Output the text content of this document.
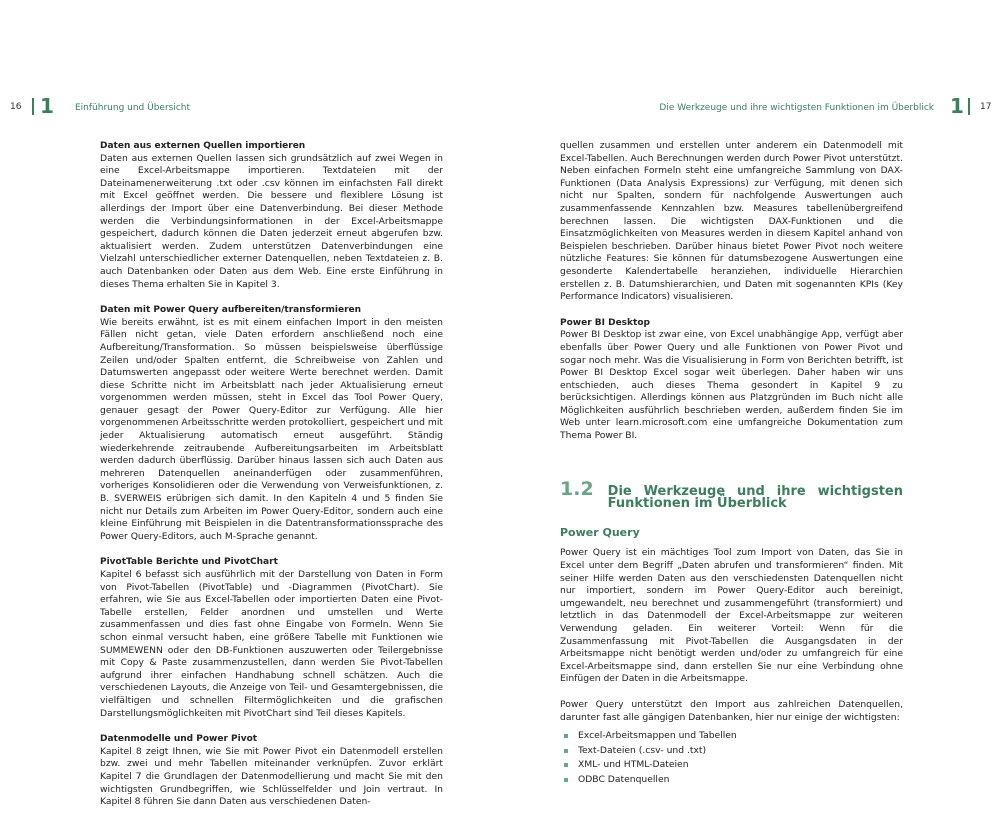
16 1 Einführung und Übersicht	Die Werkzeuge und ihre wichtigsten Funktionen im Überblick 1 17
Daten aus externen Quellen importieren

Daten aus externen Quellen lassen sich grundsätzlich auf zwei Wegen in eine Excel-Arbeitsmappe importieren. Textdateien mit der Dateinamenerweiterung .txt oder .csv können im einfachsten Fall direkt mit Excel geöffnet werden. Die bessere und flexiblere Lösung ist allerdings der Import über eine Datenverbindung. Bei dieser Methode werden die Verbindungsinformationen in der Excel-Arbeitsmappe gespeichert, dadurch können die Daten jederzeit erneut abgerufen bzw. aktualisiert werden. Zudem unterstützen Datenverbindungen eine Vielzahl unterschiedlicher externer Datenquellen, neben Textdateien z. B. auch Datenbanken oder Daten aus dem Web. Eine erste Einführung in dieses Thema erhalten Sie in Kapitel 3.

Daten mit Power Query aufbereiten/transformieren

Wie bereits erwähnt, ist es mit einem einfachen Import in den meisten Fällen nicht getan, viele Daten erfordern anschließend noch eine Aufbereitung/Transformation. So müssen beispielsweise überflüssige Zeilen und/oder Spalten entfernt, die Schreibweise von Zahlen und Datumswerten angepasst oder weitere Werte berechnet werden. Damit diese Schritte nicht im Arbeitsblatt nach jeder Aktualisierung erneut vorgenommen werden müssen, steht in Excel das Tool Power Query, genauer gesagt der Power Query-Editor zur Verfügung. Alle hier vorgenommenen Arbeitsschritte werden protokolliert, gespeichert und mit jeder Aktualisierung automatisch erneut ausgeführt. Ständig wiederkehrende zeitraubende Aufbereitungsarbeiten im Arbeitsblatt werden dadurch überflüssig. Darüber hinaus lassen sich auch Daten aus mehreren Datenquellen aneinanderfügen oder zusammenführen, vorheriges Konsolidieren oder die Verwendung von Verweisfunktionen, z. B. SVERWEIS erübrigen sich damit. In den Kapiteln 4 und 5 finden Sie nicht nur Details zum Arbeiten im Power Query-Editor, sondern auch eine kleine Einführung mit Beispielen in die Datentransformationssprache des Power Query-Editors, auch M-Sprache genannt.

PivotTable Berichte und PivotChart

Kapitel 6 befasst sich ausführlich mit der Darstellung von Daten in Form von Pivot-Tabellen (PivotTable) und -Diagrammen (PivotChart). Sie erfahren, wie Sie aus Excel-Tabellen oder importierten Daten eine Pivot-Tabelle erstellen, Felder anordnen und umstellen und Werte zusammenfassen und dies fast ohne Eingabe von Formeln. Wenn Sie schon einmal versucht haben, eine größere Tabelle mit Funktionen wie SUMMEWENN oder den DB-Funktionen auszuwerten oder Teilergebnisse mit Copy & Paste zusammenzustellen, dann werden Sie Pivot-Tabellen aufgrund ihrer einfachen Handhabung schnell schätzen. Auch die verschiedenen Layouts, die Anzeige von Teil- und Gesamtergebnissen, die vielfältigen und schnellen Filtermöglichkeiten und die grafischen Darstellungsmöglichkeiten mit PivotChart sind Teil dieses Kapitels.

Datenmodelle und Power Pivot

Kapitel 8 zeigt Ihnen, wie Sie mit Power Pivot ein Datenmodell erstellen bzw. zwei und mehr Tabellen miteinander verknüpfen. Zuvor erklärt Kapitel 7 die Grundlagen der Datenmodellierung und macht Sie mit den wichtigsten Grundbegriffen, wie Schlüsselfelder und Join vertraut. In Kapitel 8 führen Sie dann Daten aus verschiedenen Daten-

quellen zusammen und erstellen unter anderem ein Datenmodell mit Excel-Tabellen. Auch Berechnungen werden durch Power Pivot unterstützt. Neben einfachen Formeln steht eine umfangreiche Sammlung von DAX-Funktionen (Data Analysis Expressions) zur Verfügung, mit denen sich nicht nur Spalten, sondern für nachfolgende Auswertungen auch zusammenfassende Kennzahlen bzw. Measures tabellenübergreifend berechnen lassen. Die wichtigsten DAX-Funktionen und die Einsatzmöglichkeiten von Measures werden in diesem Kapitel anhand von Beispielen beschrieben. Darüber hinaus bietet Power Pivot noch weitere nützliche Features: Sie können für datumsbezogene Auswertungen eine gesonderte Kalendertabelle heranziehen, individuelle Hierarchien erstellen z. B. Datumshierarchien, und Daten mit sogenannten KPIs (Key Performance Indicators) visualisieren.

Power BI Desktop

Power BI Desktop ist zwar eine, von Excel unabhängige App, verfügt aber ebenfalls über Power Query und alle Funktionen von Power Pivot und sogar noch mehr. Was die Visualisierung in Form von Berichten betrifft, ist Power BI Desktop Excel sogar weit überlegen. Daher haben wir uns entschieden, auch dieses Thema gesondert in Kapitel 9 zu berücksichtigen. Allerdings können aus Platzgründen im Buch nicht alle Möglichkeiten ausführlich beschrieben werden, außerdem finden Sie im Web unter learn.microsoft.com eine umfangreiche Dokumentation zum Thema Power BI.

1.2 Die Werkzeuge und ihre wichtigsten Funktionen im Überblick
Power Query

Power Query ist ein mächtiges Tool zum Import von Daten, das Sie in Excel unter dem Begriff „Daten abrufen und transformieren“ finden. Mit seiner Hilfe werden Daten aus den verschiedensten Datenquellen nicht nur importiert, sondern im Power Query-Editor auch bereinigt, umgewandelt, neu berechnet und zusammengeführt (transformiert) und letztlich in das Datenmodell der Excel-Arbeitsmappe zur weiteren Verwendung geladen. Ein weiterer Vorteil: Wenn für die Zusammenfassung mit Pivot-Tabellen die Ausgangsdaten in der Arbeitsmappe nicht benötigt werden und/oder zu umfangreich für eine Excel-Arbeitsmappe sind, dann erstellen Sie nur eine Verbindung ohne Einfügen der Daten in die Arbeitsmappe.

Power Query unterstützt den Import aus zahlreichen Datenquellen, darunter fast alle gängigen Datenbanken, hier nur einige der wichtigsten:

Excel-Arbeitsmappen und Tabellen
Text-Dateien (.csv- und .txt)
XML- und HTML-Dateien
ODBC Datenquellen
